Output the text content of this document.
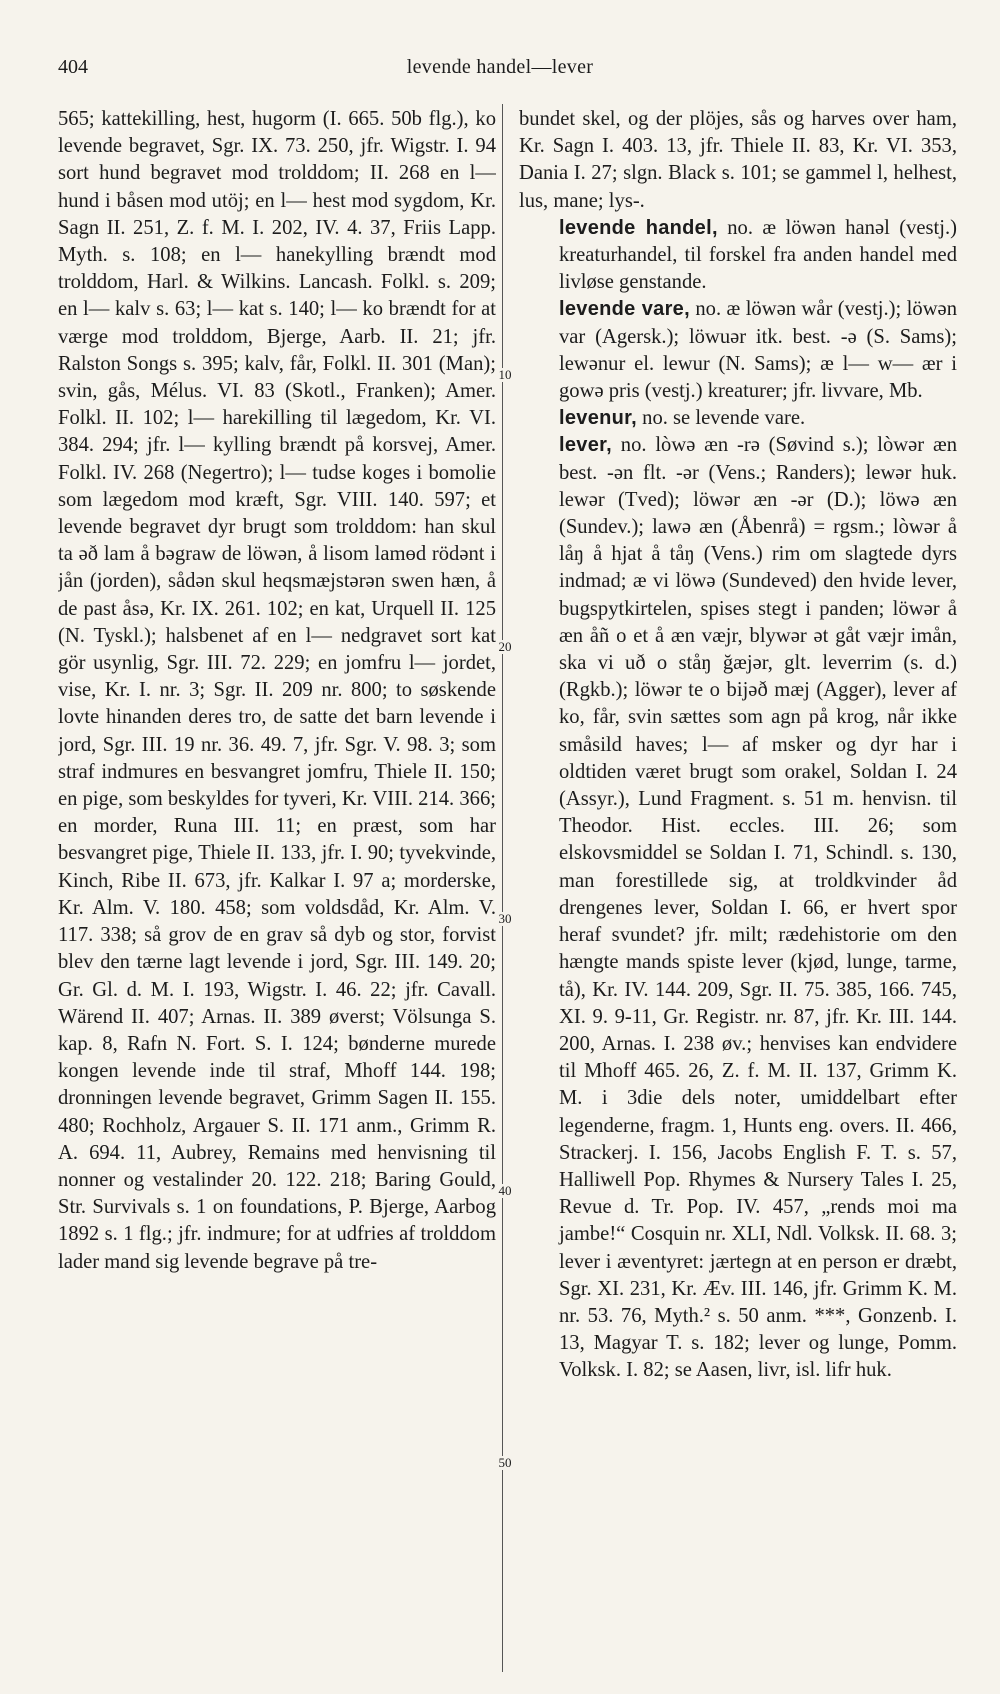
404	levende handel—lever
10
20
30
40
50

565; kattekilling, hest, hugorm (I. 665. 50b flg.), ko levende begravet, Sgr. IX. 73. 250, jfr. Wigstr. I. 94 sort hund begravet mod trolddom; II. 268 en l— hund i båsen mod utöj; en l— hest mod sygdom, Kr. Sagn II. 251, Z. f. M. I. 202, IV. 4. 37, Friis Lapp. Myth. s. 108; en l— hanekylling brændt mod trolddom, Harl. & Wilkins. Lancash. Folkl. s. 209; en l— kalv s. 63; l— kat s. 140; l— ko brændt for at værge mod trolddom, Bjerge, Aarb. II. 21; jfr. Ralston Songs s. 395; kalv, får, Folkl. II. 301 (Man); svin, gås, Mélus. VI. 83 (Skotl., Franken); Amer. Folkl. II. 102; l— harekilling til lægedom, Kr. VI. 384. 294; jfr. l— kylling brændt på korsvej, Amer. Folkl. IV. 268 (Negertro); l— tudse koges i bomolie som lægedom mod kræft, Sgr. VIII. 140. 597; et levende begravet dyr brugt som trolddom: han skul ta əð lam å bəgraw de löwən, å lisom lamөd rödənt i jån (jorden), sådən skul heqsmæjstərən swen hæn, å de past åsə, Kr. IX. 261. 102; en kat, Urquell II. 125 (N. Tyskl.); halsbenet af en l— nedgravet sort kat gör usynlig, Sgr. III. 72. 229; en jomfru l— jordet, vise, Kr. I. nr. 3; Sgr. II. 209 nr. 800; to søskende lovte hinanden deres tro, de satte det barn levende i jord, Sgr. III. 19 nr. 36. 49. 7, jfr. Sgr. V. 98. 3; som straf indmures en besvangret jomfru, Thiele II. 150; en pige, som beskyldes for tyveri, Kr. VIII. 214. 366; en morder, Runa III. 11; en præst, som har besvangret pige, Thiele II. 133, jfr. I. 90; tyvekvinde, Kinch, Ribe II. 673, jfr. Kalkar I. 97 a; morderske, Kr. Alm. V. 180. 458; som voldsdåd, Kr. Alm. V. 117. 338; så grov de en grav så dyb og stor, forvist blev den tærne lagt levende i jord, Sgr. III. 149. 20; Gr. Gl. d. M. I. 193, Wigstr. I. 46. 22; jfr. Cavall. Wärend II. 407; Arnas. II. 389 øverst; Völsunga S. kap. 8, Rafn N. Fort. S. I. 124; bønderne murede kongen levende inde til straf, Mhoff 144. 198; dronningen levende begravet, Grimm Sagen II. 155. 480; Rochholz, Argauer S. II. 171 anm., Grimm R. A. 694. 11, Aubrey, Remains med henvisning til nonner og vestalinder 20. 122. 218; Baring Gould, Str. Survivals s. 1 on foundations, P. Bjerge, Aarbog 1892 s. 1 flg.; jfr. indmure; for at udfries af trolddom lader mand sig levende begrave på tre-

bundet skel, og der plöjes, sås og harves over ham, Kr. Sagn I. 403. 13, jfr. Thiele II. 83, Kr. VI. 353, Dania I. 27; slgn. Black s. 101; se gammel l, helhest, lus, mane; lys-.

levende handel, no. æ löwən hanəl (vestj.) kreaturhandel, til forskel fra anden handel med livløse genstande.

levende vare, no. æ löwən wår (vestj.); löwən var (Agersk.); löwuər itk. best. -ə (S. Sams); lewənur el. lewur (N. Sams); æ l— w— ær i gowə pris (vestj.) kreaturer; jfr. livvare, Mb.

levenur, no. se levende vare.

lever, no. lòwə æn -rə (Søvind s.); lòwər æn best. -ən flt. -ər (Vens.; Randers); lewər huk. lewər (Tved); löwər æn -ər (D.); löwə æn (Sundev.); lawə æn (Åbenrå) = rgsm.; lòwər å låŋ å hjat å tåŋ (Vens.) rim om slagtede dyrs indmad; æ vi löwə (Sundeved) den hvide lever, bugspytkirtelen, spises stegt i panden; löwər å æn åñ o et å æn væjr, blywər ət gåt væjr imån, ska vi uð o ståŋ ğæjər, glt. leverrim (s. d.) (Rgkb.); löwər te o bijəð mæj (Agger), lever af ko, får, svin sættes som agn på krog, når ikke småsild haves; l— af msker og dyr har i oldtiden været brugt som orakel, Soldan I. 24 (Assyr.), Lund Fragment. s. 51 m. henvisn. til Theodor. Hist. eccles. III. 26; som elskovsmiddel se Soldan I. 71, Schindl. s. 130, man forestillede sig, at troldkvinder åd drengenes lever, Soldan I. 66, er hvert spor heraf svundet? jfr. milt; rædehistorie om den hængte mands spiste lever (kjød, lunge, tarme, tå), Kr. IV. 144. 209, Sgr. II. 75. 385, 166. 745, XI. 9. 9-11, Gr. Registr. nr. 87, jfr. Kr. III. 144. 200, Arnas. I. 238 øv.; henvises kan endvidere til Mhoff 465. 26, Z. f. M. II. 137, Grimm K. M. i 3die dels noter, umiddelbart efter legenderne, fragm. 1, Hunts eng. overs. II. 466, Strackerj. I. 156, Jacobs English F. T. s. 57, Halliwell Pop. Rhymes & Nursery Tales I. 25, Revue d. Tr. Pop. IV. 457, „rends moi ma jambe!“ Cosquin nr. XLI, Ndl. Volksk. II. 68. 3; lever i æventyret: jærtegn at en person er dræbt, Sgr. XI. 231, Kr. Æv. III. 146, jfr. Grimm K. M. nr. 53. 76, Myth.² s. 50 anm. ***, Gonzenb. I. 13, Magyar T. s. 182; lever og lunge, Pomm. Volksk. I. 82; se Aasen, livr, isl. lifr huk.
